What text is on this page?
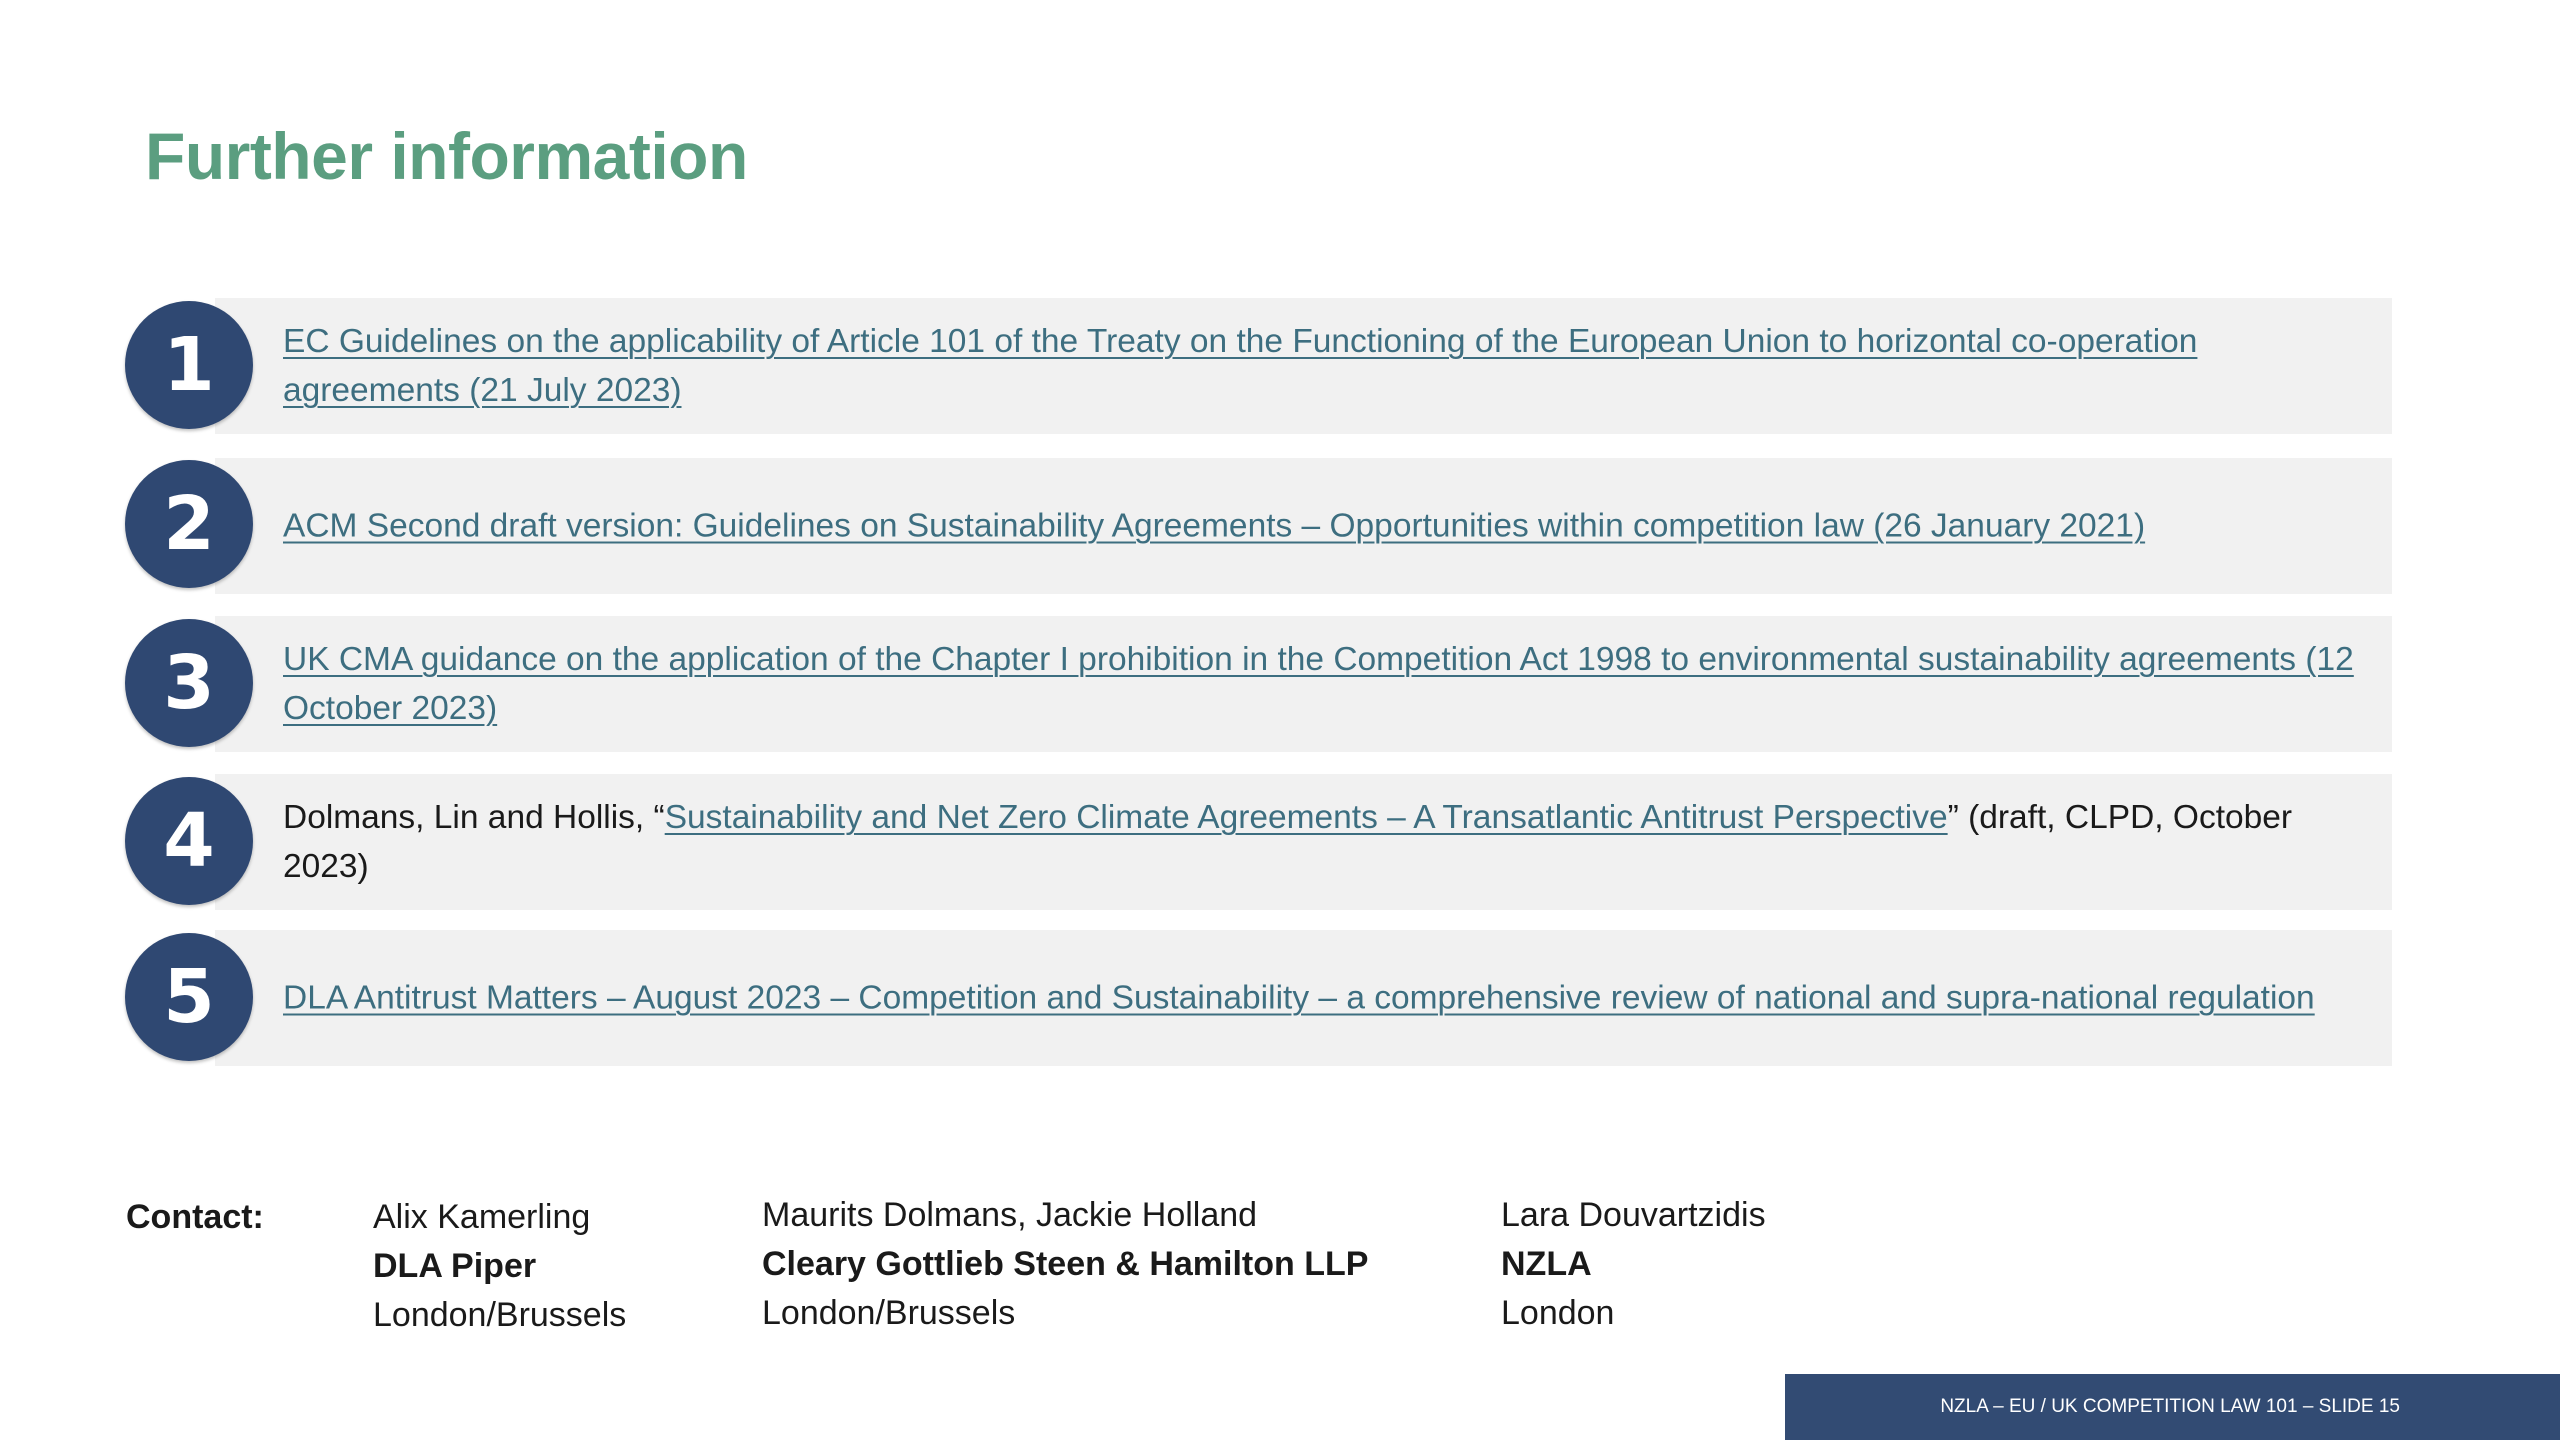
Further information
EC Guidelines on the applicability of Article 101 of the Treaty on the Functioning of the European Union to horizontal co-operation agreements (21 July 2023)
1
ACM Second draft version: Guidelines on Sustainability Agreements – Opportunities within competition law (26 January 2021)
2
UK CMA guidance on the application of the Chapter I prohibition in the Competition Act 1998 to environmental sustainability agreements (12 October 2023)
3
Dolmans, Lin and Hollis, “Sustainability and Net Zero Climate Agreements – A Transatlantic Antitrust Perspective” (draft, CLPD, October 2023)
4
DLA Antitrust Matters – August 2023 – Competition and Sustainability – a comprehensive review of national and supra-national regulation
5
Contact:	Alix Kamerling
DLA Piper
London/Brussels
Maurits Dolmans, Jackie Holland
Cleary Gottlieb Steen & Hamilton LLP
London/Brussels
Lara Douvartzidis
NZLA
London
NZLA – EU / UK COMPETITION LAW 101 – SLIDE 15
